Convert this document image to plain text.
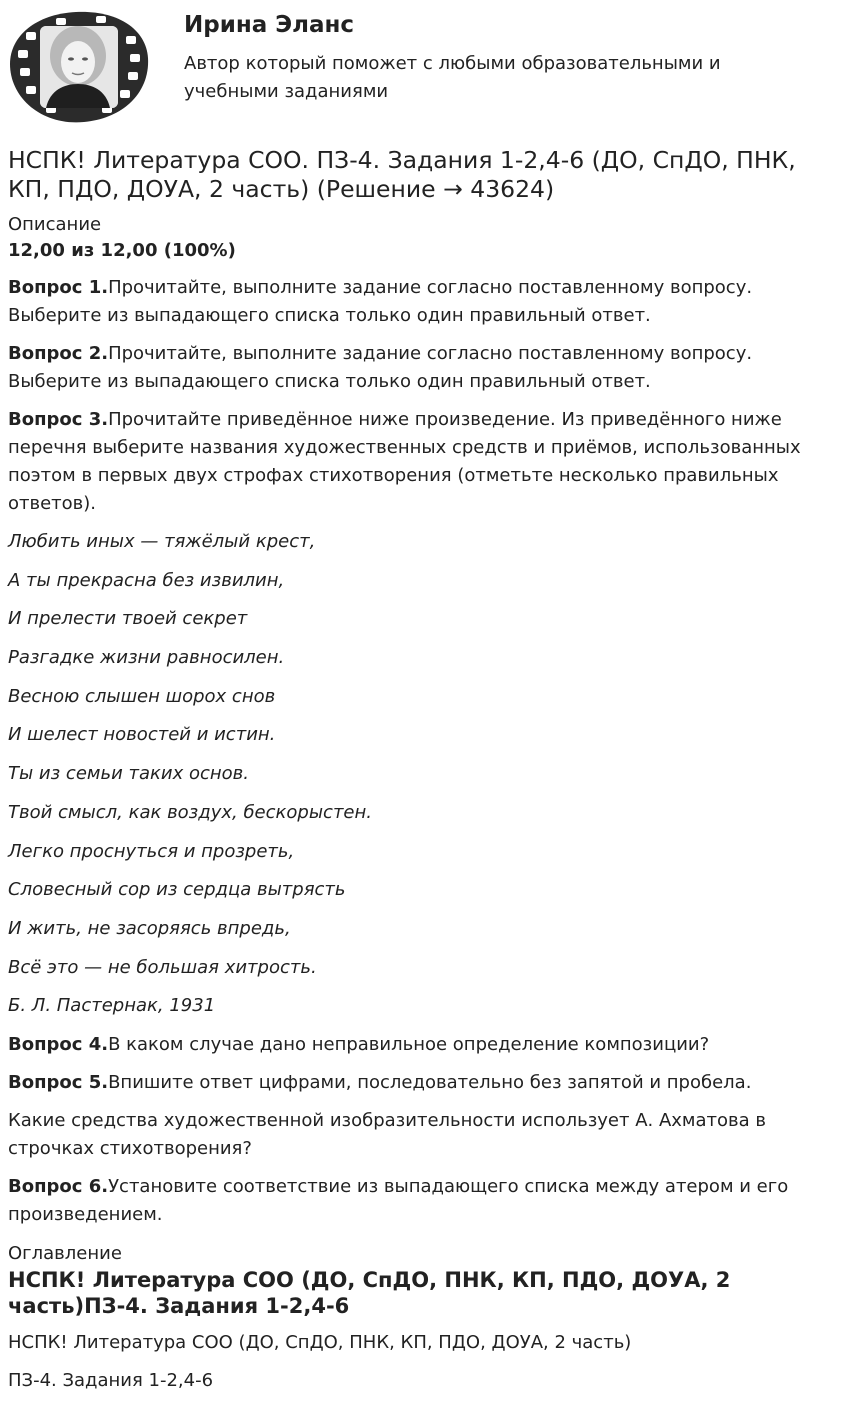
Ирина Эланс
Автор который поможет с любыми образовательными и учебными заданиями
НСПК! Литература СОО. ПЗ-4. Задания 1-2,4-6 (ДО, СпДО, ПНК, КП, ПДО, ДОУА, 2 часть) (Решение → 43624)
Описание
12,00 из 12,00 (100%)

Вопрос 1.Прочитайте, выполните задание согласно поставленному вопросу. Выберите из выпадающего списка только один правильный ответ.

Вопрос 2.Прочитайте, выполните задание согласно поставленному вопросу. Выберите из выпадающего списка только один правильный ответ.

Вопрос 3.Прочитайте приведённое ниже произведение. Из приведённого ниже перечня выберите названия художественных средств и приёмов, использованных поэтом в первых двух строфах стихотворения (отметьте несколько правильных ответов).

Любить иных — тяжёлый крест,

А ты прекрасна без извилин,

И прелести твоей секрет

Разгадке жизни равносилен.

Весною слышен шорох снов

И шелест новостей и истин.

Ты из семьи таких основ.

Твой смысл, как воздух, бескорыстен.

Легко проснуться и прозреть,

Словесный сор из сердца вытрясть

И жить, не засоряясь впредь,

Всё это — не большая хитрость.

Б. Л. Пастернак, 1931

Вопрос 4.В каком случае дано неправильное определение композиции?

Вопрос 5.Впишите ответ цифрами, последовательно без запятой и пробела.

Какие средства художественной изобразительности использует А. Ахматова в строчках стихотворения?

Вопрос 6.Установите соответствие из выпадающего списка между атером и его произведением.

Оглавление
НСПК! Литература СОО (ДО, СпДО, ПНК, КП, ПДО, ДОУА, 2 часть)ПЗ-4. Задания 1-2,4-6

НСПК! Литература СОО (ДО, СпДО, ПНК, КП, ПДО, ДОУА, 2 часть)

ПЗ-4. Задания 1-2,4-6
